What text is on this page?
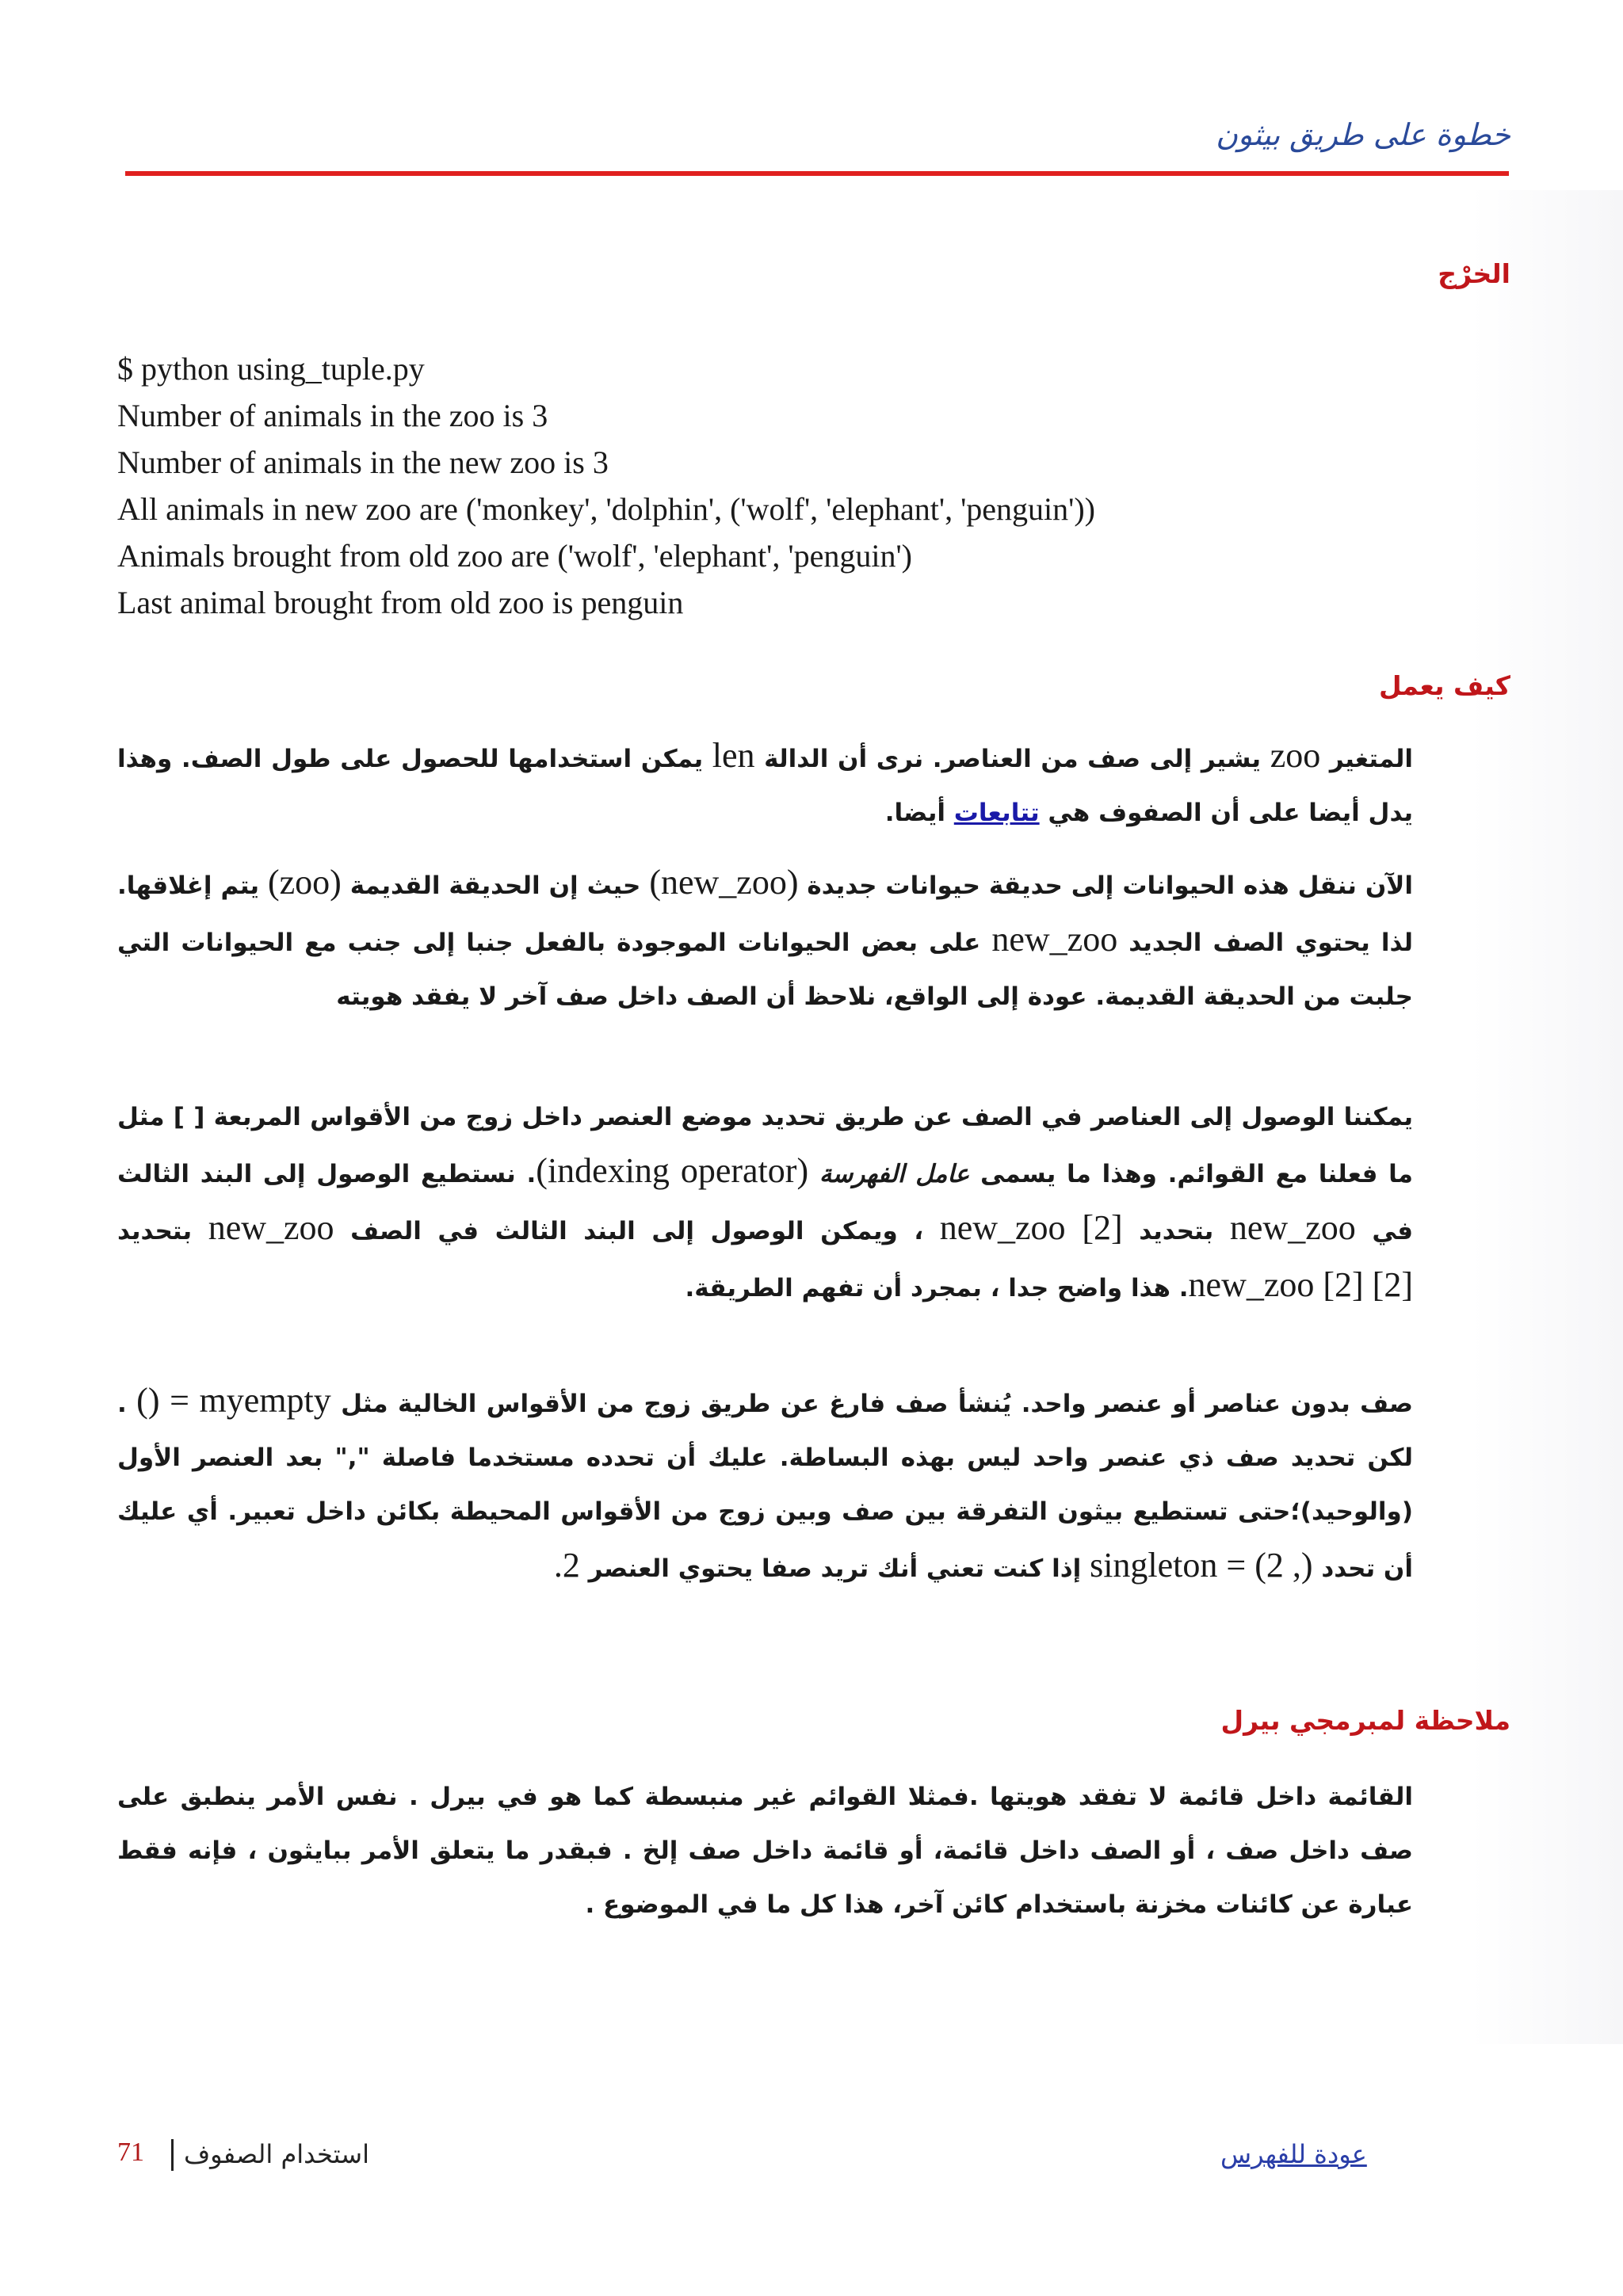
خطوة على طريق بيثون
الخرْج
$ python using_tuple.py
Number of animals in the zoo is 3
Number of animals in the new zoo is 3
All animals in new zoo are ('monkey', 'dolphin', ('wolf', 'elephant', 'penguin'))
Animals brought from old zoo are ('wolf', 'elephant', 'penguin')
Last animal brought from old zoo is penguin
كيف يعمل
المتغير zoo يشير إلى صف من العناصر. نرى أن الدالة len يمكن استخدامها للحصول على طول الصف. وهذا يدل أيضا على أن الصفوف هي تتابعات أيضا.
الآن ننقل هذه الحيوانات إلى حديقة حيوانات جديدة (new_zoo) حيث إن الحديقة القديمة (zoo) يتم إغلاقها. لذا يحتوي الصف الجديد new_zoo على بعض الحيوانات الموجودة بالفعل جنبا إلى جنب مع الحيوانات التي جلبت من الحديقة القديمة. عودة إلى الواقع، نلاحظ أن الصف داخل صف آخر لا يفقد هويته
يمكننا الوصول إلى العناصر في الصف عن طريق تحديد موضع العنصر داخل زوج من الأقواس المربعة [ ] مثل ما فعلنا مع القوائم. وهذا ما يسمى عامل الفهرسة (indexing operator). نستطيع الوصول إلى البند الثالث في new_zoo بتحديد new_zoo [2] ، ويمكن الوصول إلى البند الثالث في الصف new_zoo بتحديد new_zoo [2] [2]. هذا واضح جدا ، بمجرد أن تفهم الطريقة.
صف بدون عناصر أو عنصر واحد. يُنشأ صف فارغ عن طريق زوج من الأقواس الخالية مثل myempty = () . لكن تحديد صف ذي عنصر واحد ليس بهذه البساطة. عليك أن تحدده مستخدما فاصلة "," بعد العنصر الأول (والوحيد)؛حتى تستطيع بيثون التفرقة بين صف وبين زوج من الأقواس المحيطة بكائن داخل تعبير. أي عليك أن تحدد singleton = (2 ,) إذا كنت تعني أنك تريد صفا يحتوي العنصر 2.
ملاحظة لمبرمجي بيرل
القائمة داخل قائمة لا تفقد هويتها .فمثلا القوائم غير منبسطة كما هو في بيرل . نفس الأمر ينطبق على صف داخل صف ، أو الصف داخل قائمة، أو قائمة داخل صف إلخ . فبقدر ما يتعلق الأمر ببايثون ، فإنه فقط عبارة عن كائنات مخزنة باستخدام كائن آخر، هذا كل ما في الموضوع .
71 استخدام الصفوف	عودة للفهرس
